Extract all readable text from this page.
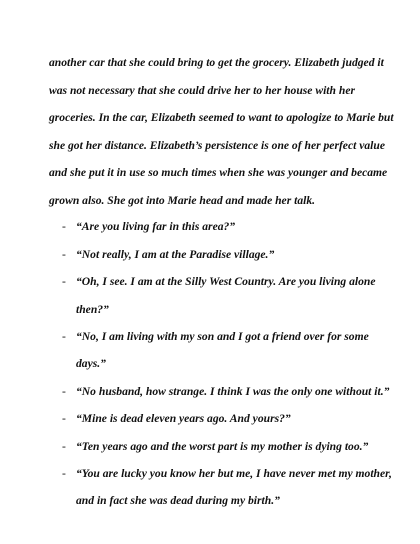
another car that she could bring to get the grocery. Elizabeth judged it
was not necessary that she could drive her to her house with her
groceries. In the car, Elizabeth seemed to want to apologize to Marie but
she got her distance. Elizabeth’s persistence is one of her perfect value
and she put it in use so much times when she was younger and became
grown also. She got into Marie head and made her talk.
- “Are you living far in this area?”
- “Not really, I am at the Paradise village.”
- “Oh, I see. I am at the Silly West Country. Are you living alone
then?”
- “No, I am living with my son and I got a friend over for some
days.”
- “No husband, how strange. I think I was the only one without it.”
- “Mine is dead eleven years ago. And yours?”
- “Ten years ago and the worst part is my mother is dying too.”
- “You are lucky you know her but me, I have never met my mother,
and in fact she was dead during my birth.”
